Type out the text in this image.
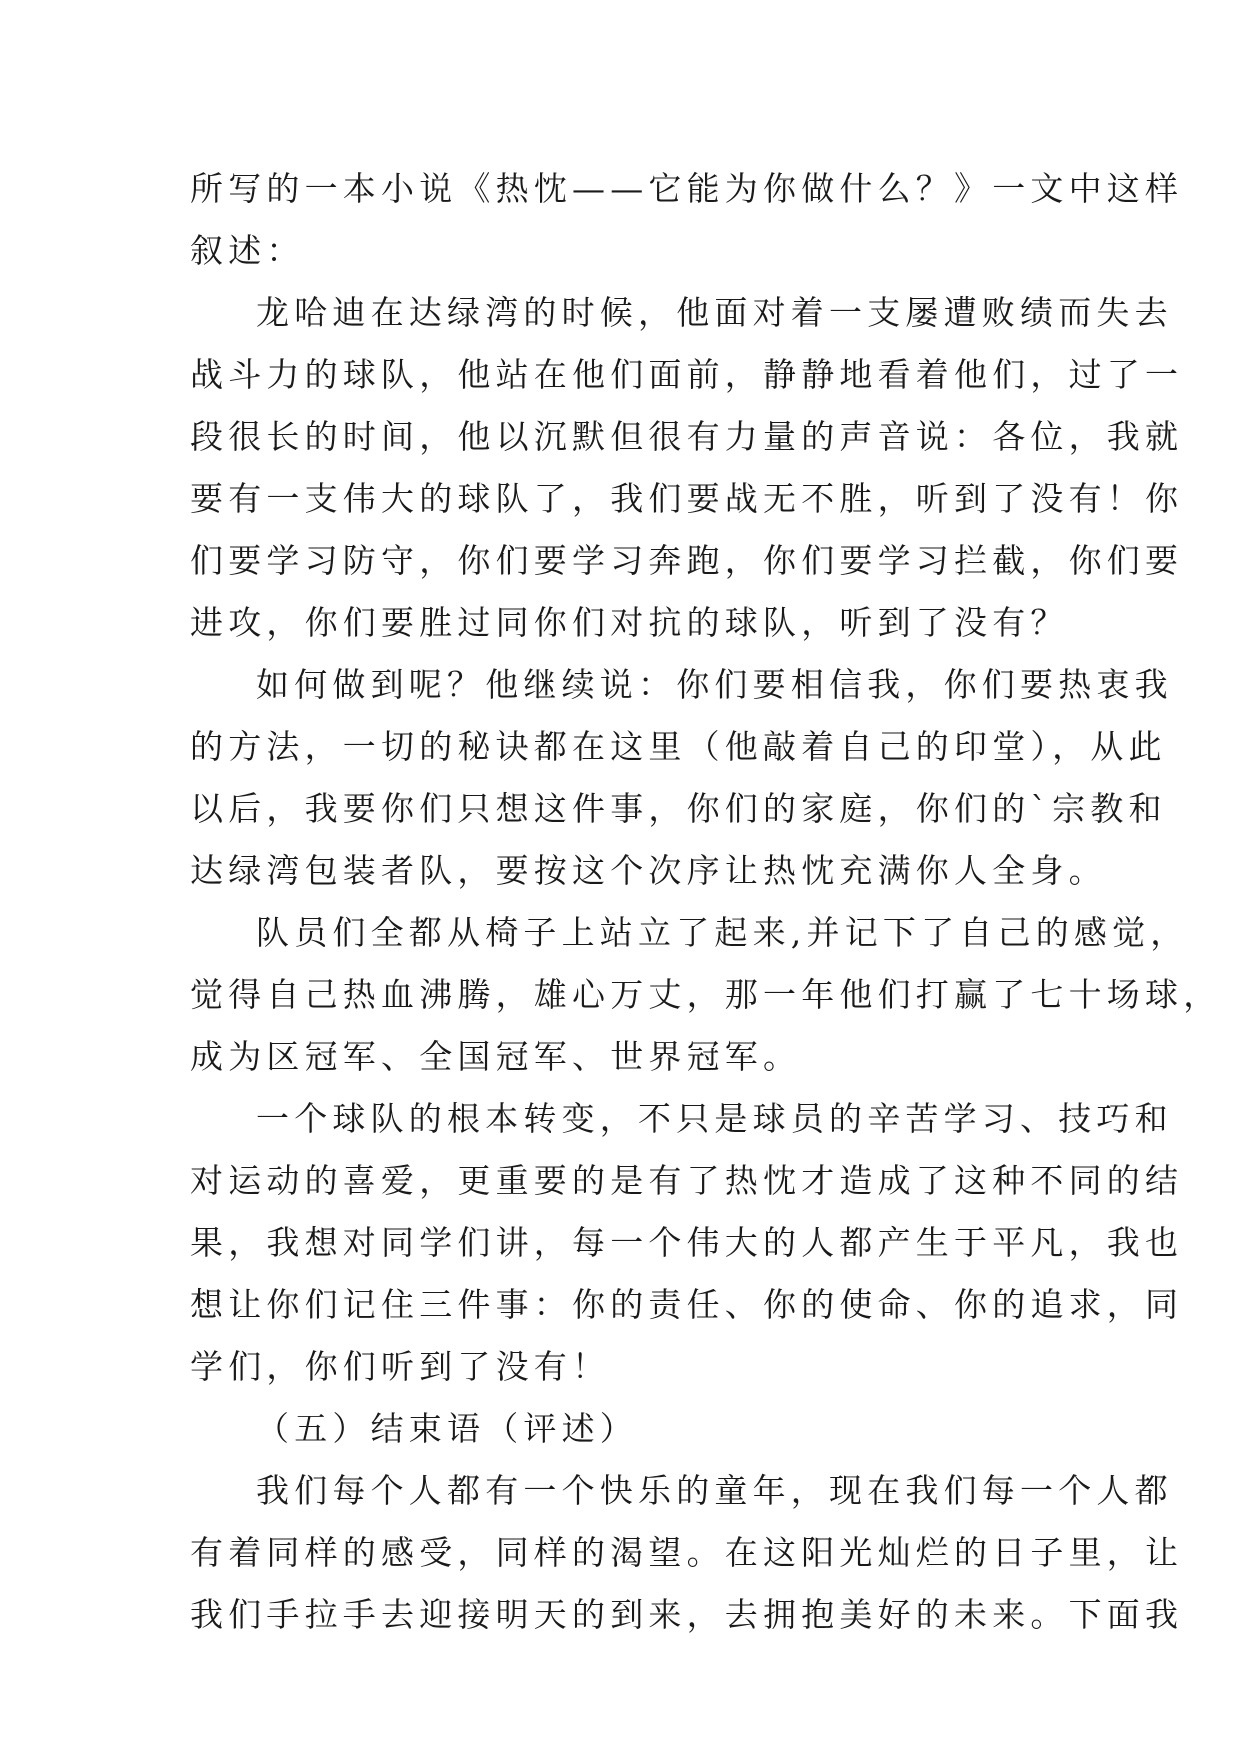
所写的一本小说《热忱——它能为你做什么？》一文中这样
叙述：
龙哈迪在达绿湾的时候，他面对着一支屡遭败绩而失去
战斗力的球队，他站在他们面前，静静地看着他们，过了一
段很长的时间，他以沉默但很有力量的声音说：各位，我就
要有一支伟大的球队了，我们要战无不胜，听到了没有！你
们要学习防守，你们要学习奔跑，你们要学习拦截，你们要
进攻，你们要胜过同你们对抗的球队，听到了没有？
如何做到呢？他继续说：你们要相信我，你们要热衷我
的方法，一切的秘诀都在这里（他敲着自己的印堂），从此
以后，我要你们只想这件事，你们的家庭，你们的`宗教和
达绿湾包装者队，要按这个次序让热忱充满你人全身。
队员们全都从椅子上站立了起来,并记下了自己的感觉，
觉得自己热血沸腾，雄心万丈，那一年他们打赢了七十场球，
成为区冠军、全国冠军、世界冠军。
一个球队的根本转变，不只是球员的辛苦学习、技巧和
对运动的喜爱，更重要的是有了热忱才造成了这种不同的结
果，我想对同学们讲，每一个伟大的人都产生于平凡，我也
想让你们记住三件事：你的责任、你的使命、你的追求，同
学们，你们听到了没有！
（五）结束语（评述）
我们每个人都有一个快乐的童年，现在我们每一个人都
有着同样的感受，同样的渴望。在这阳光灿烂的日子里，让
我们手拉手去迎接明天的到来，去拥抱美好的未来。下面我
